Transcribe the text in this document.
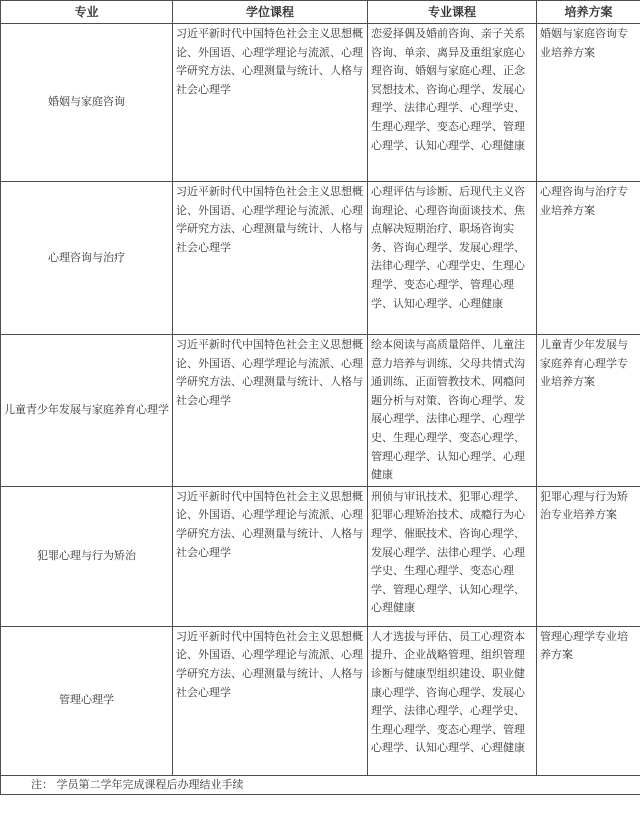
专业	学位课程	专业课程	培养方案
婚姻与家庭咨询	习近平新时代中国特色社会主义思想概论、外国语、心理学理论与流派、心理学研究方法、心理测量与统计、人格与社会心理学	恋爱择偶及婚前咨询、亲子关系咨询、单亲、离异及重组家庭心理咨询、婚姻与家庭心理、正念冥想技术、咨询心理学、发展心理学、法律心理学、心理学史、生理心理学、变态心理学、管理心理学、认知心理学、心理健康	婚姻与家庭咨询专业培养方案
心理咨询与治疗	习近平新时代中国特色社会主义思想概论、外国语、心理学理论与流派、心理学研究方法、心理测量与统计、人格与社会心理学	心理评估与诊断、后现代主义咨询理论、心理咨询面谈技术、焦点解决短期治疗、职场咨询实务、咨询心理学、发展心理学、法律心理学、心理学史、生理心理学、变态心理学、管理心理学、认知心理学、心理健康	心理咨询与治疗专业培养方案
儿童青少年发展与家庭养育心理学	习近平新时代中国特色社会主义思想概论、外国语、心理学理论与流派、心理学研究方法、心理测量与统计、人格与社会心理学	绘本阅读与高质量陪伴、儿童注意力培养与训练、父母共情式沟通训练、正面管教技术、网瘾问题分析与对策、咨询心理学、发展心理学、法律心理学、心理学史、生理心理学、变态心理学、管理心理学、认知心理学、心理健康	儿童青少年发展与家庭养育心理学专业培养方案
犯罪心理与行为矫治	习近平新时代中国特色社会主义思想概论、外国语、心理学理论与流派、心理学研究方法、心理测量与统计、人格与社会心理学	刑侦与审讯技术、犯罪心理学、犯罪心理矫治技术、成瘾行为心理学、催眠技术、咨询心理学、发展心理学、法律心理学、心理学史、生理心理学、变态心理学、管理心理学、认知心理学、心理健康	犯罪心理与行为矫治专业培养方案
管理心理学	习近平新时代中国特色社会主义思想概论、外国语、心理学理论与流派、心理学研究方法、心理测量与统计、人格与社会心理学	人才选拔与评估、员工心理资本提升、企业战略管理、组织管理诊断与健康型组织建设、职业健康心理学、咨询心理学、发展心理学、法律心理学、心理学史、生理心理学、变态心理学、管理心理学、认知心理学、心理健康	管理心理学专业培养方案
注： 学员第二学年完成课程后办理结业手续			
